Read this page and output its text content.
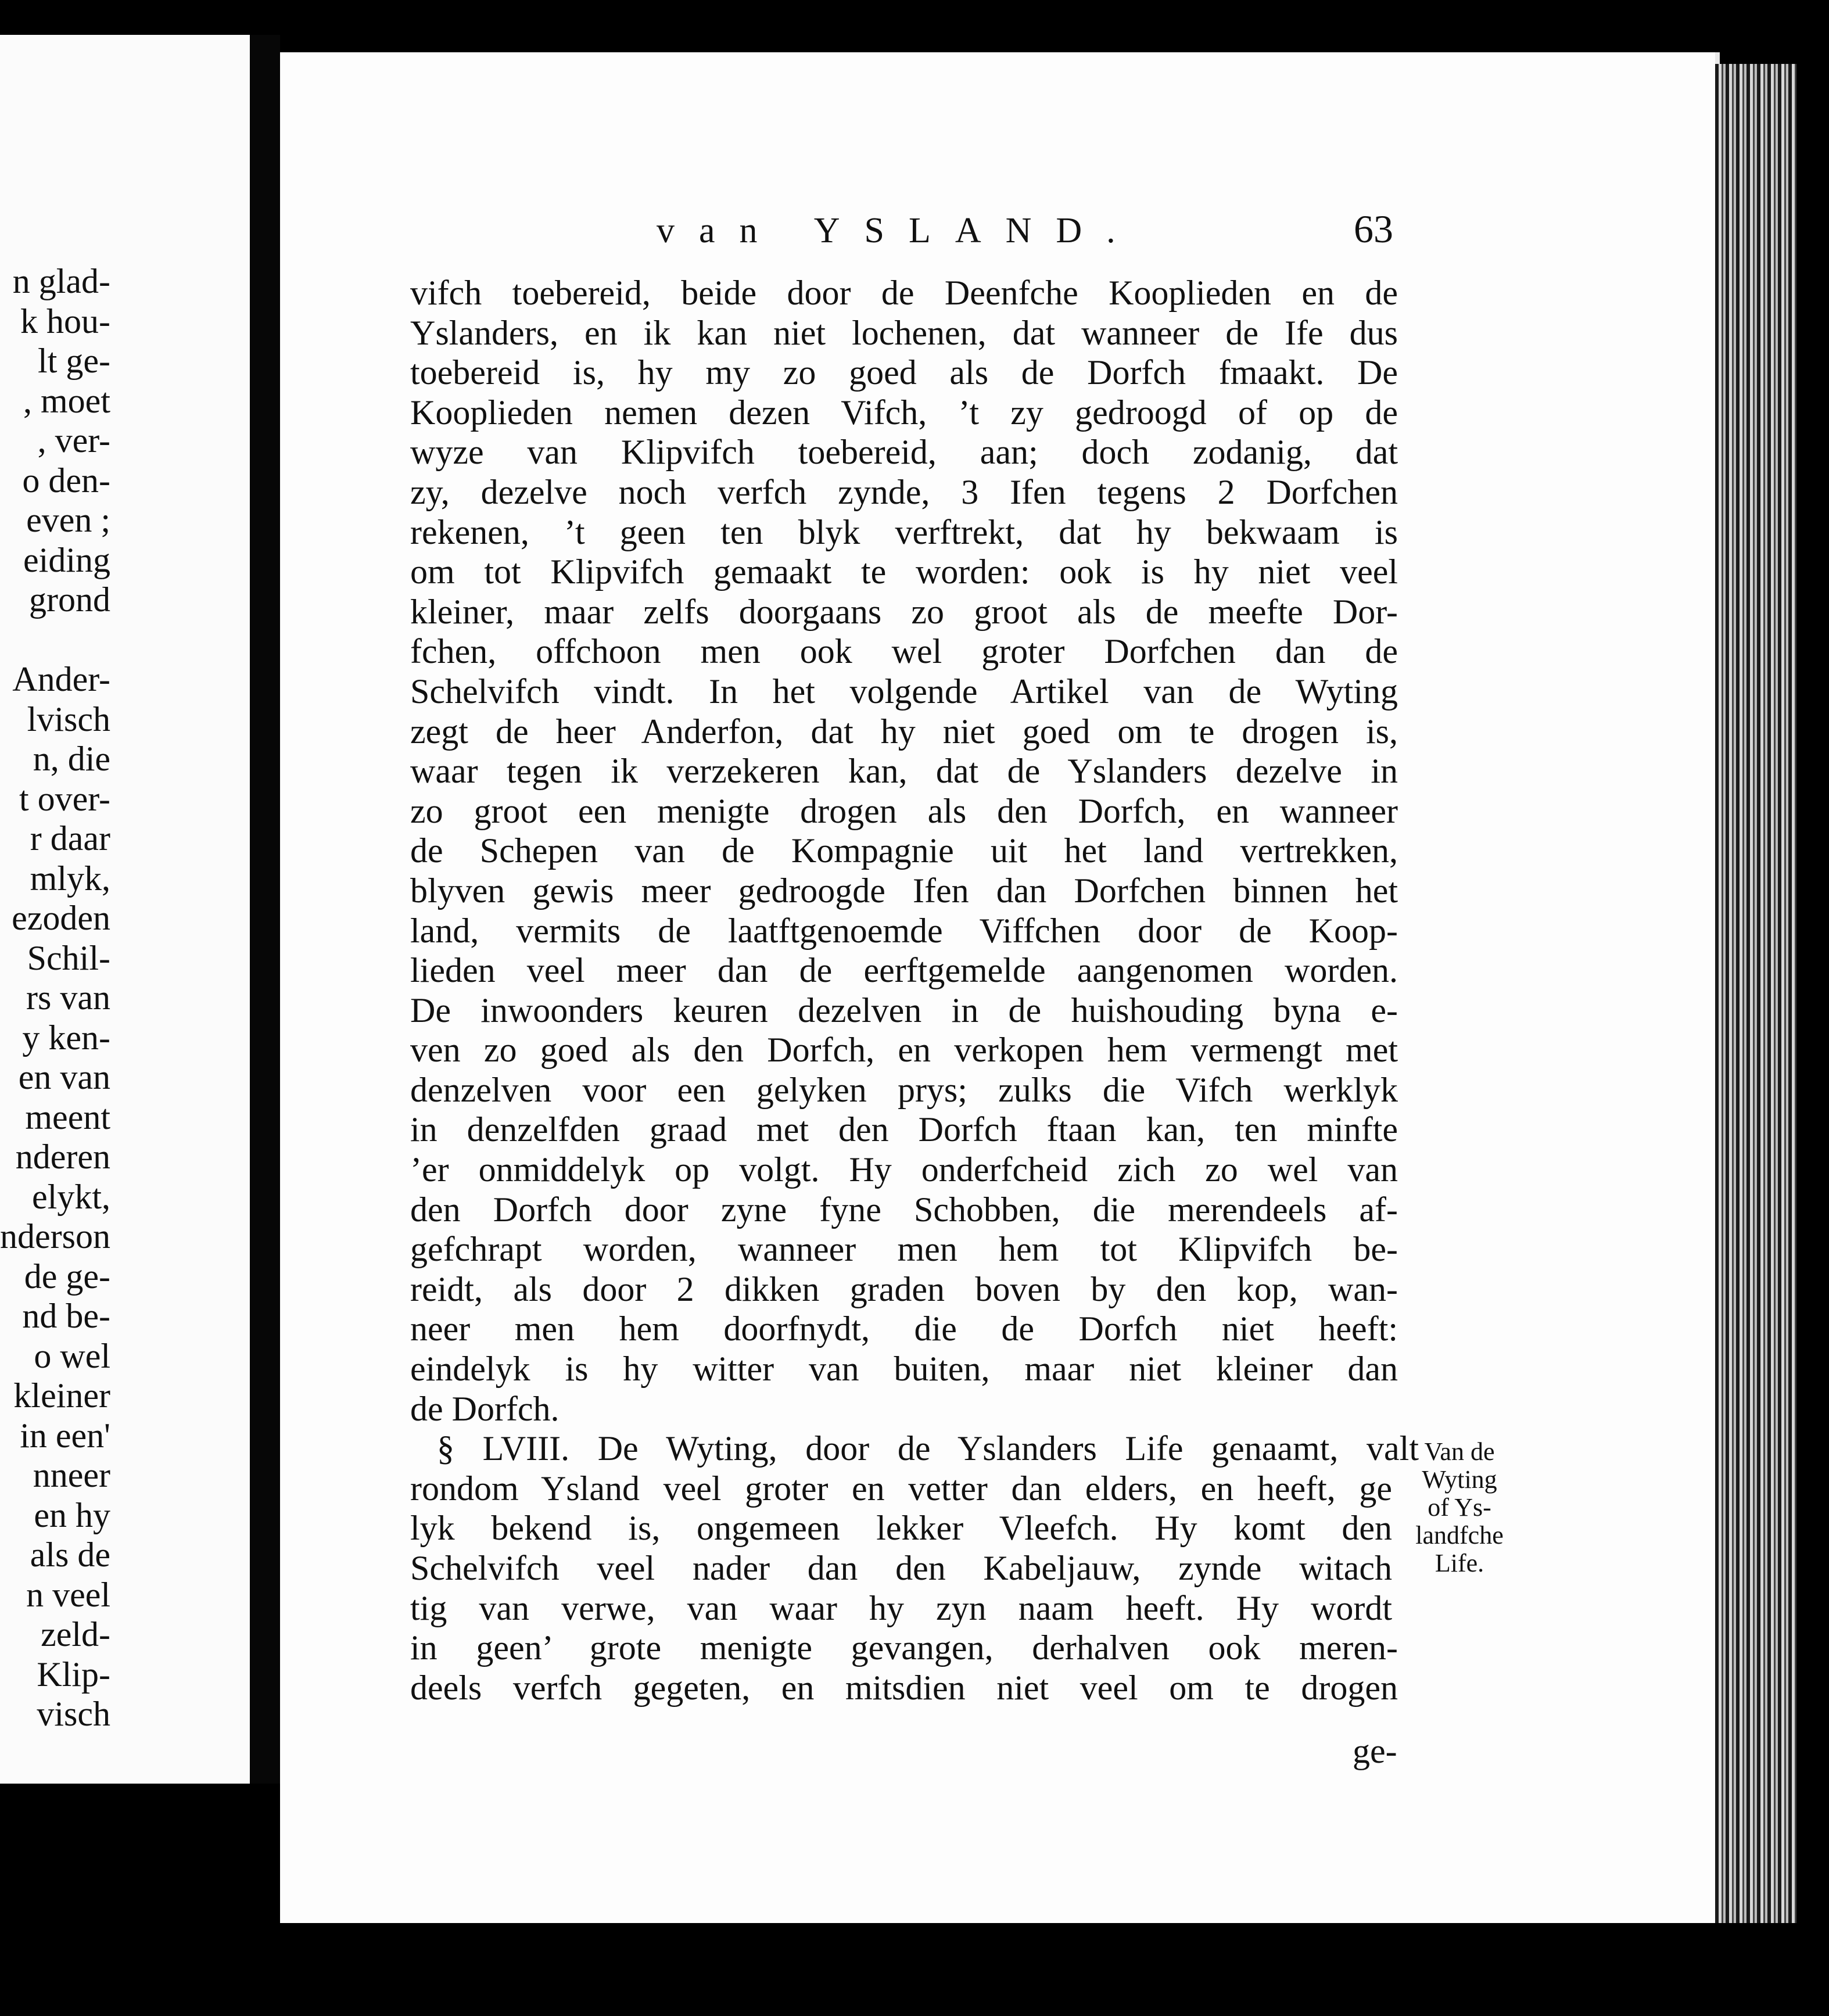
n glad-
k hou-
lt ge-
, moet
, ver-
o den-
even ;
eiding
grond
Ander-
lvisch
n, die
t over-
r daar
mlyk,
ezoden
Schil-
rs van
y ken-
en van
meent
nderen
elykt,
nderson
de ge-
nd be-
o wel
kleiner
in een'
nneer
en hy
als de
n veel
zeld-
Klip-
visch
van YSLAND.	63
vifch toebereid, beide door de Deenfche Kooplieden en de
Yslanders, en ik kan niet lochenen, dat wanneer de Ife dus
toebereid is, hy my zo goed als de Dorfch fmaakt. De
Kooplieden nemen dezen Vifch, ’t zy gedroogd of op de
wyze van Klipvifch toebereid, aan; doch zodanig, dat
zy, dezelve noch verfch zynde, 3 Ifen tegens 2 Dorfchen
rekenen, ’t geen ten blyk verftrekt, dat hy bekwaam is
om tot Klipvifch gemaakt te worden: ook is hy niet veel
kleiner, maar zelfs doorgaans zo groot als de meefte Dor-
fchen, offchoon men ook wel groter Dorfchen dan de
Schelvifch vindt. In het volgende Artikel van de Wyting
zegt de heer Anderfon, dat hy niet goed om te drogen is,
waar tegen ik verzekeren kan, dat de Yslanders dezelve in
zo groot een menigte drogen als den Dorfch, en wanneer
de Schepen van de Kompagnie uit het land vertrekken,
blyven gewis meer gedroogde Ifen dan Dorfchen binnen het
land, vermits de laatftgenoemde Viffchen door de Koop-
lieden veel meer dan de eerftgemelde aangenomen worden.
De inwoonders keuren dezelven in de huishouding byna e-
ven zo goed als den Dorfch, en verkopen hem vermengt met
denzelven voor een gelyken prys; zulks die Vifch werklyk
in denzelfden graad met den Dorfch ftaan kan, ten minfte
’er onmiddelyk op volgt. Hy onderfcheid zich zo wel van
den Dorfch door zyne fyne Schobben, die merendeels af-
gefchrapt worden, wanneer men hem tot Klipvifch be-
reidt, als door 2 dikken graden boven by den kop, wan-
neer men hem doorfnydt, die de Dorfch niet heeft:
eindelyk is hy witter van buiten, maar niet kleiner dan
de Dorfch.
§ LVIII. De Wyting, door de Yslanders Life genaamt, valt
rondom Ysland veel groter en vetter dan elders, en heeft, ge
lyk bekend is, ongemeen lekker Vleefch. Hy komt den
Schelvifch veel nader dan den Kabeljauw, zynde witach
tig van verwe, van waar hy zyn naam heeft. Hy wordt
in geen’ grote menigte gevangen, derhalven ook meren-
deels verfch gegeten, en mitsdien niet veel om te drogen
Van de
Wyting
of Ys-
landfche
Life.
ge-
